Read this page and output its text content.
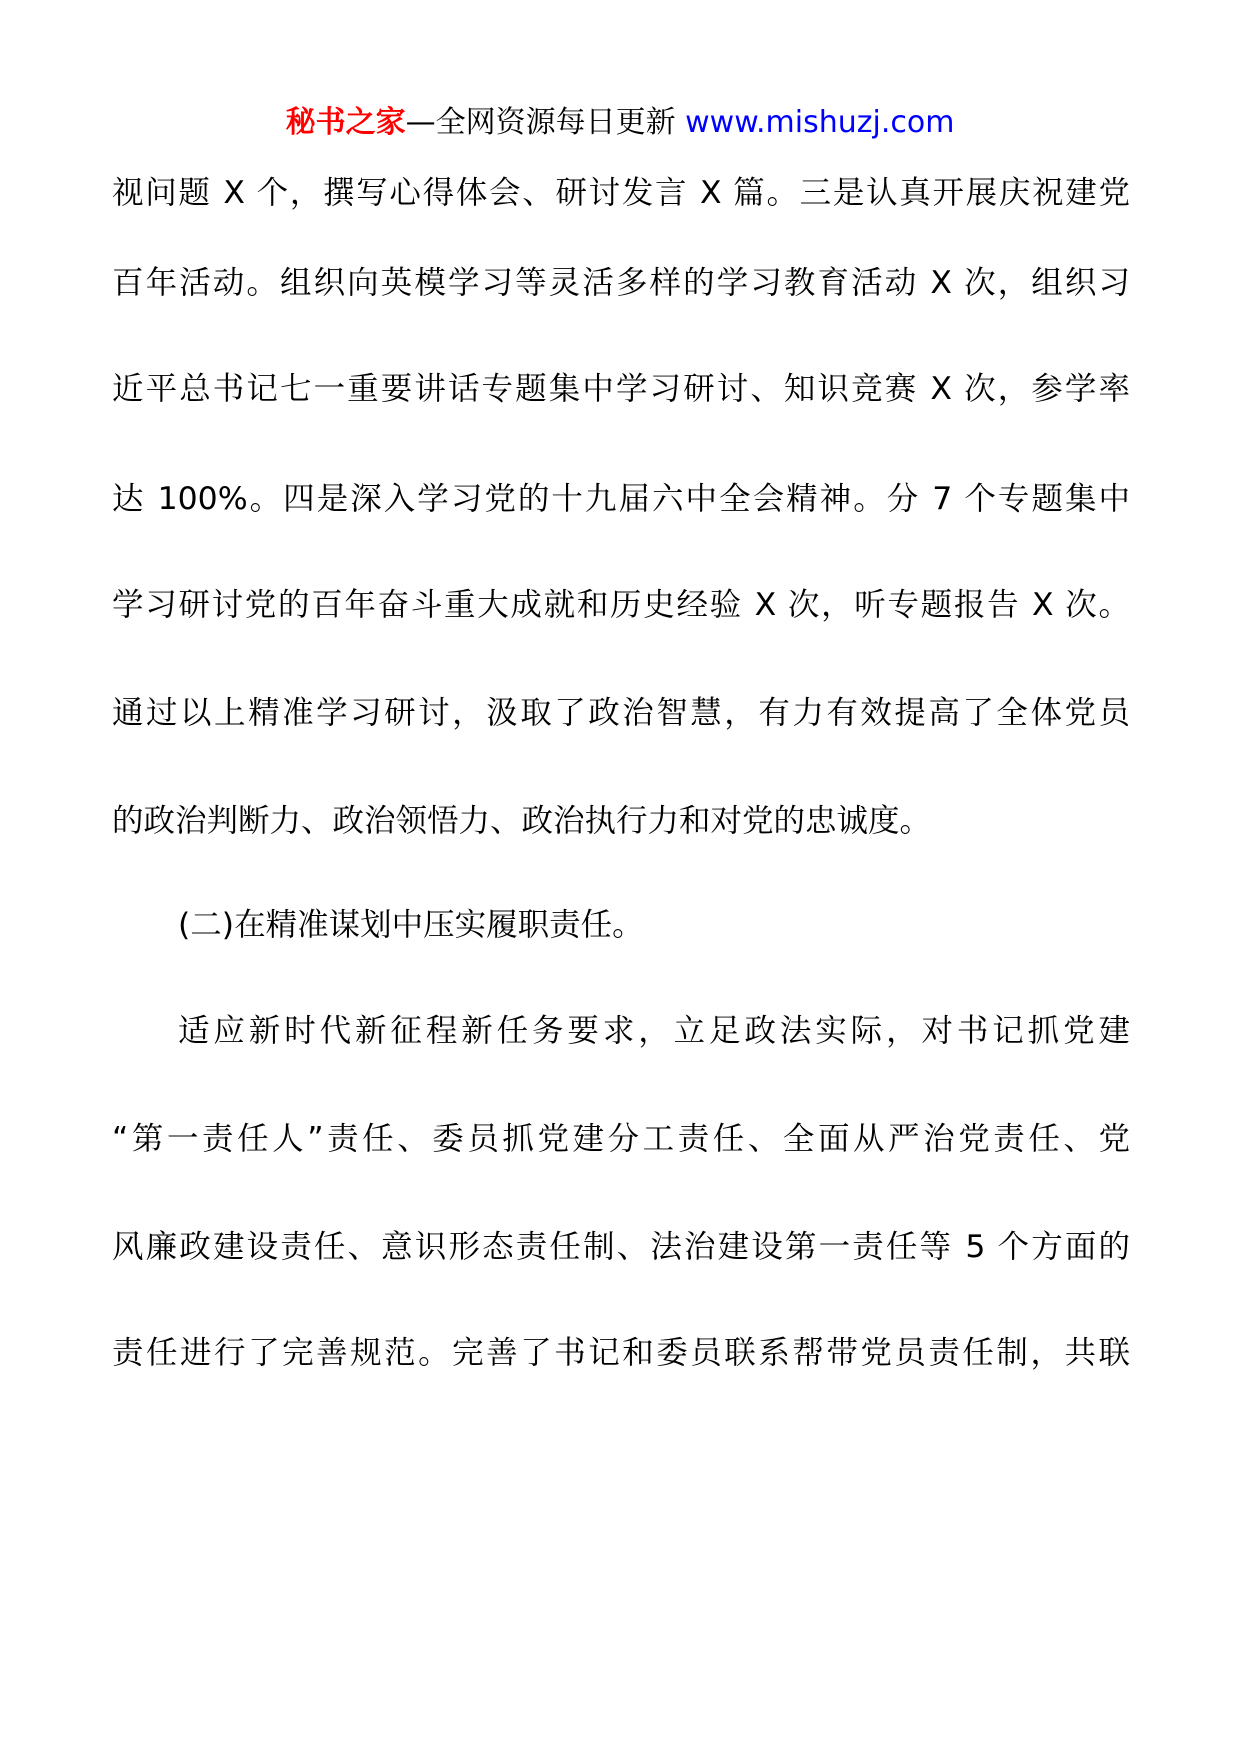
秘书之家—全网资源每日更新 www.mishuzj.com
视问题 X 个，撰写心得体会、研讨发言 X 篇。三是认真开展庆祝建党
百年活动。组织向英模学习等灵活多样的学习教育活动 X 次，组织习
近平总书记七一重要讲话专题集中学习研讨、知识竞赛 X 次，参学率
达 100%。四是深入学习党的十九届六中全会精神。分 7 个专题集中
学习研讨党的百年奋斗重大成就和历史经验 X 次，听专题报告 X 次。
通过以上精准学习研讨，汲取了政治智慧，有力有效提高了全体党员
的政治判断力、政治领悟力、政治执行力和对党的忠诚度。
(二)在精准谋划中压实履职责任。
适应新时代新征程新任务要求，立足政法实际，对书记抓党建
“第一责任人”责任、委员抓党建分工责任、全面从严治党责任、党
风廉政建设责任、意识形态责任制、法治建设第一责任等 5 个方面的
责任进行了完善规范。完善了书记和委员联系帮带党员责任制，共联
